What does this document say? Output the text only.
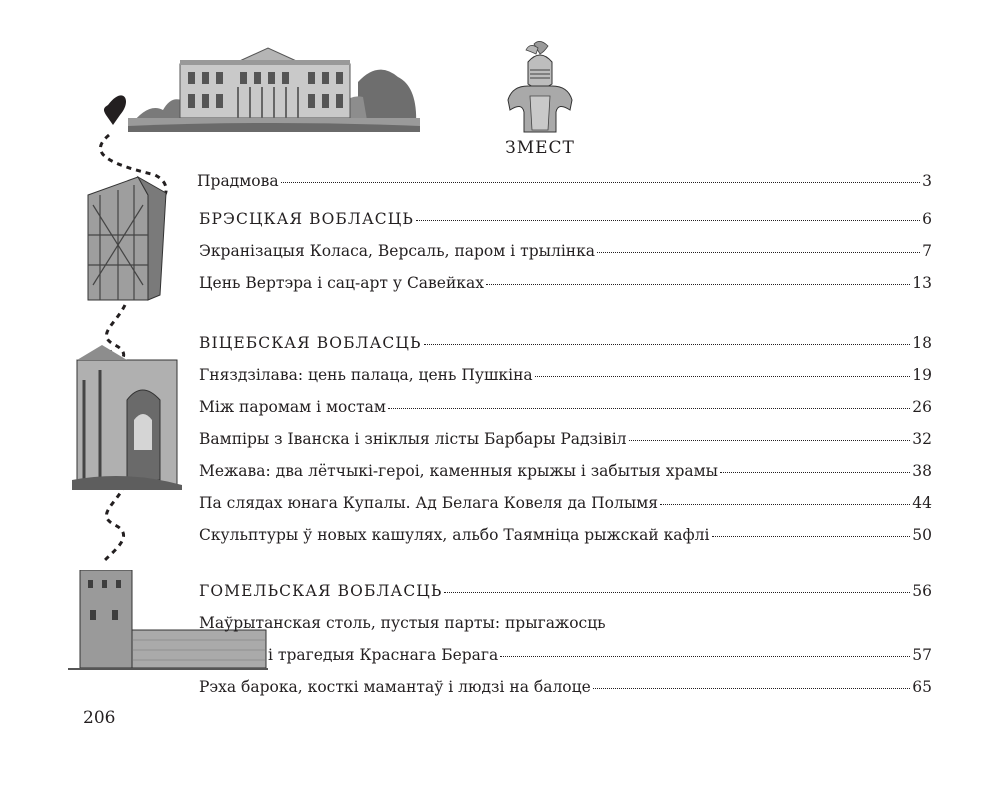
ЗМЕСТ
Прадмова	3
БРЭСЦКАЯ ВОБЛАСЦЬ	6
Экранізацыя Коласа, Версаль, паром і трылінка	7
Цень Вертэра і сац-арт у Савейках	13
ВІЦЕБСКАЯ ВОБЛАСЦЬ	18
Гняздзілава: цень палаца, цень Пушкіна	19
Між паромам і мостам	26
Вампіры з Іванска і зніклыя лісты Барбары Радзівіл	32
Межава: два лётчыкі-героі, каменныя крыжы і забытыя храмы	38
Па слядах юнага Купалы. Ад Белага Ковеля да Полымя	44
Скульптуры ў новых кашулях, альбо Таямніца рыжскай кафлі	50
ГОМЕЛЬСКАЯ ВОБЛАСЦЬ	56
Маўрытанская столь, пустыя парты: прыгажосць
і трагедыя Краснага Берага	57
Рэха барока, косткі мамантаў і людзі на балоце	65
206
